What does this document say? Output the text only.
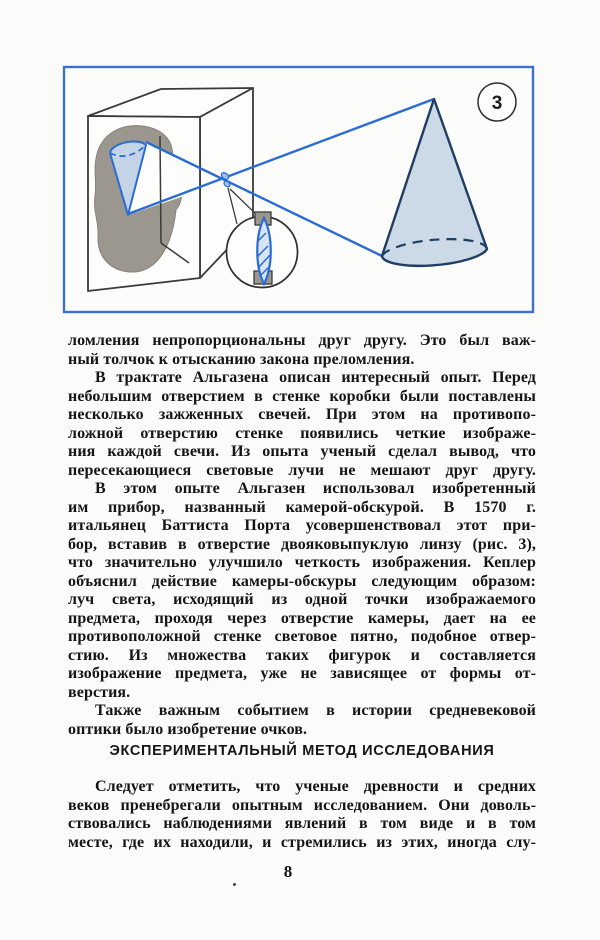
3
ломления непропорциональны друг другу. Это был важ-
ный толчок к отысканию закона преломления.
В трактате Альгазена описан интересный опыт. Перед
небольшим отверстием в стенке коробки были поставлены
несколько зажженных свечей. При этом на противопо-
ложной отверстию стенке появились четкие изображе-
ния каждой свечи. Из опыта ученый сделал вывод, что
пересекающиеся световые лучи не мешают друг другу.
В этом опыте Альгазен использовал изобретенный
им прибор, названный камерой-обскурой. В 1570 г.
итальянец Баттиста Порта усовершенствовал этот при-
бор, вставив в отверстие двояковыпуклую линзу (рис. 3),
что значительно улучшило четкость изображения. Кеплер
объяснил действие камеры-обскуры следующим образом:
луч света, исходящий из одной точки изображаемого
предмета, проходя через отверстие камеры, дает на ее
противоположной стенке световое пятно, подобное отвер-
стию. Из множества таких фигурок и составляется
изображение предмета, уже не зависящее от формы от-
верстия.
Также важным событием в истории средневековой
оптики было изобретение очков.
ЭКСПЕРИМЕНТАЛЬНЫЙ МЕТОД ИССЛЕДОВАНИЯ
Следует отметить, что ученые древности и средних
веков пренебрегали опытным исследованием. Они доволь-
ствовались наблюдениями явлений в том виде и в том
месте, где их находили, и стремились из этих, иногда слу-
8
